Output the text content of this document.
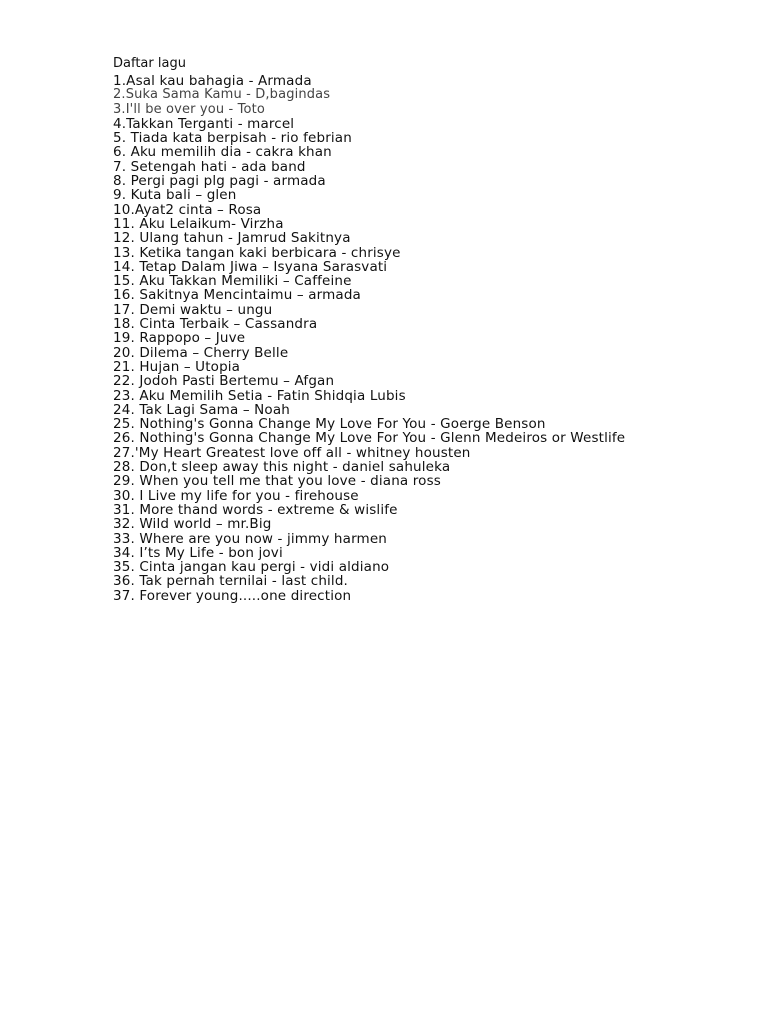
Daftar lagu
1.Asal kau bahagia - Armada
2.Suka Sama Kamu - D,bagindas
3.I'll be over you - Toto
4.Takkan Terganti - marcel
5. Tiada kata berpisah - rio febrian
6. Aku memilih dia - cakra khan
7. Setengah hati - ada band
8. Pergi pagi plg pagi - armada
9. Kuta bali – glen
10.Ayat2 cinta – Rosa
11. Aku Lelaikum- Virzha
12. Ulang tahun - Jamrud Sakitnya
13. Ketika tangan kaki berbicara - chrisye
14. Tetap Dalam Jiwa – Isyana Sarasvati
15. Aku Takkan Memiliki – Caffeine
16. Sakitnya Mencintaimu – armada
17. Demi waktu – ungu
18. Cinta Terbaik – Cassandra
19. Rappopo – Juve
20. Dilema – Cherry Belle
21. Hujan – Utopia
22. Jodoh Pasti Bertemu – Afgan
23. Aku Memilih Setia - Fatin Shidqia Lubis
24. Tak Lagi Sama – Noah
25. Nothing's Gonna Change My Love For You - Goerge Benson
26. Nothing's Gonna Change My Love For You - Glenn Medeiros or Westlife
27.'My Heart Greatest love off all - whitney housten
28. Don,t sleep away this night - daniel sahuleka
29. When you tell me that you love - diana ross
30. I Live my life for you - firehouse
31. More thand words - extreme & wislife
32. Wild world – mr.Big
33. Where are you now - jimmy harmen
34. I’ts My Life - bon jovi
35. Cinta jangan kau pergi - vidi aldiano
36. Tak pernah ternilai - last child.
37. Forever young.....one direction
